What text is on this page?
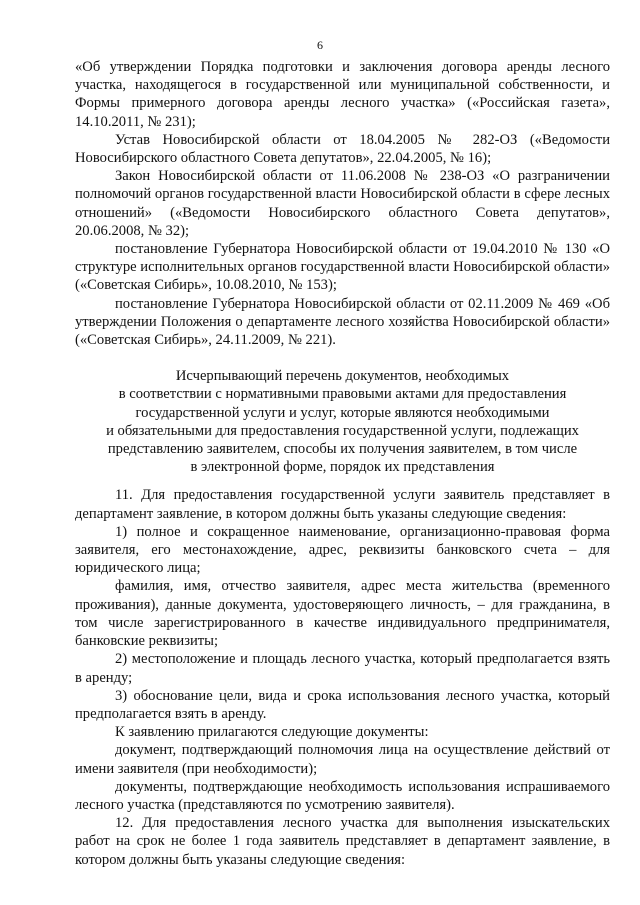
6

«Об утверждении Порядка подготовки и заключения договора аренды лесного участка, находящегося в государственной или муниципальной собственности, и Формы примерного договора аренды лесного участка» («Российская газета», 14.10.2011, № 231);

Устав Новосибирской области от 18.04.2005 № 282-ОЗ («Ведомости Новосибирского областного Совета депутатов», 22.04.2005, № 16);

Закон Новосибирской области от 11.06.2008 № 238-ОЗ «О разграничении полномочий органов государственной власти Новосибирской области в сфере лесных отношений» («Ведомости Новосибирского областного Совета депутатов», 20.06.2008, № 32);

постановление Губернатора Новосибирской области от 19.04.2010 № 130 «О структуре исполнительных органов государственной власти Новосибирской области» («Советская Сибирь», 10.08.2010, № 153);

постановление Губернатора Новосибирской области от 02.11.2009 № 469 «Об утверждении Положения о департаменте лесного хозяйства Новосибирской области» («Советская Сибирь», 24.11.2009, № 221).

Исчерпывающий перечень документов, необходимых
в соответствии с нормативными правовыми актами для предоставления
государственной услуги и услуг, которые являются необходимыми
и обязательными для предоставления государственной услуги, подлежащих
представлению заявителем, способы их получения заявителем, в том числе
в электронной форме, порядок их представления

11. Для предоставления государственной услуги заявитель представляет в департамент заявление, в котором должны быть указаны следующие сведения:

1) полное и сокращенное наименование, организационно-правовая форма заявителя, его местонахождение, адрес, реквизиты банковского счета – для юридического лица;

фамилия, имя, отчество заявителя, адрес места жительства (временного проживания), данные документа, удостоверяющего личность, – для гражданина, в том числе зарегистрированного в качестве индивидуального предпринимателя, банковские реквизиты;

2) местоположение и площадь лесного участка, который предполагается взять в аренду;

3) обоснование цели, вида и срока использования лесного участка, который предполагается взять в аренду.

К заявлению прилагаются следующие документы:

документ, подтверждающий полномочия лица на осуществление действий от имени заявителя (при необходимости);

документы, подтверждающие необходимость использования испрашиваемого лесного участка (представляются по усмотрению заявителя).

12. Для предоставления лесного участка для выполнения изыскательских работ на срок не более 1 года заявитель представляет в департамент заявление, в котором должны быть указаны следующие сведения:
